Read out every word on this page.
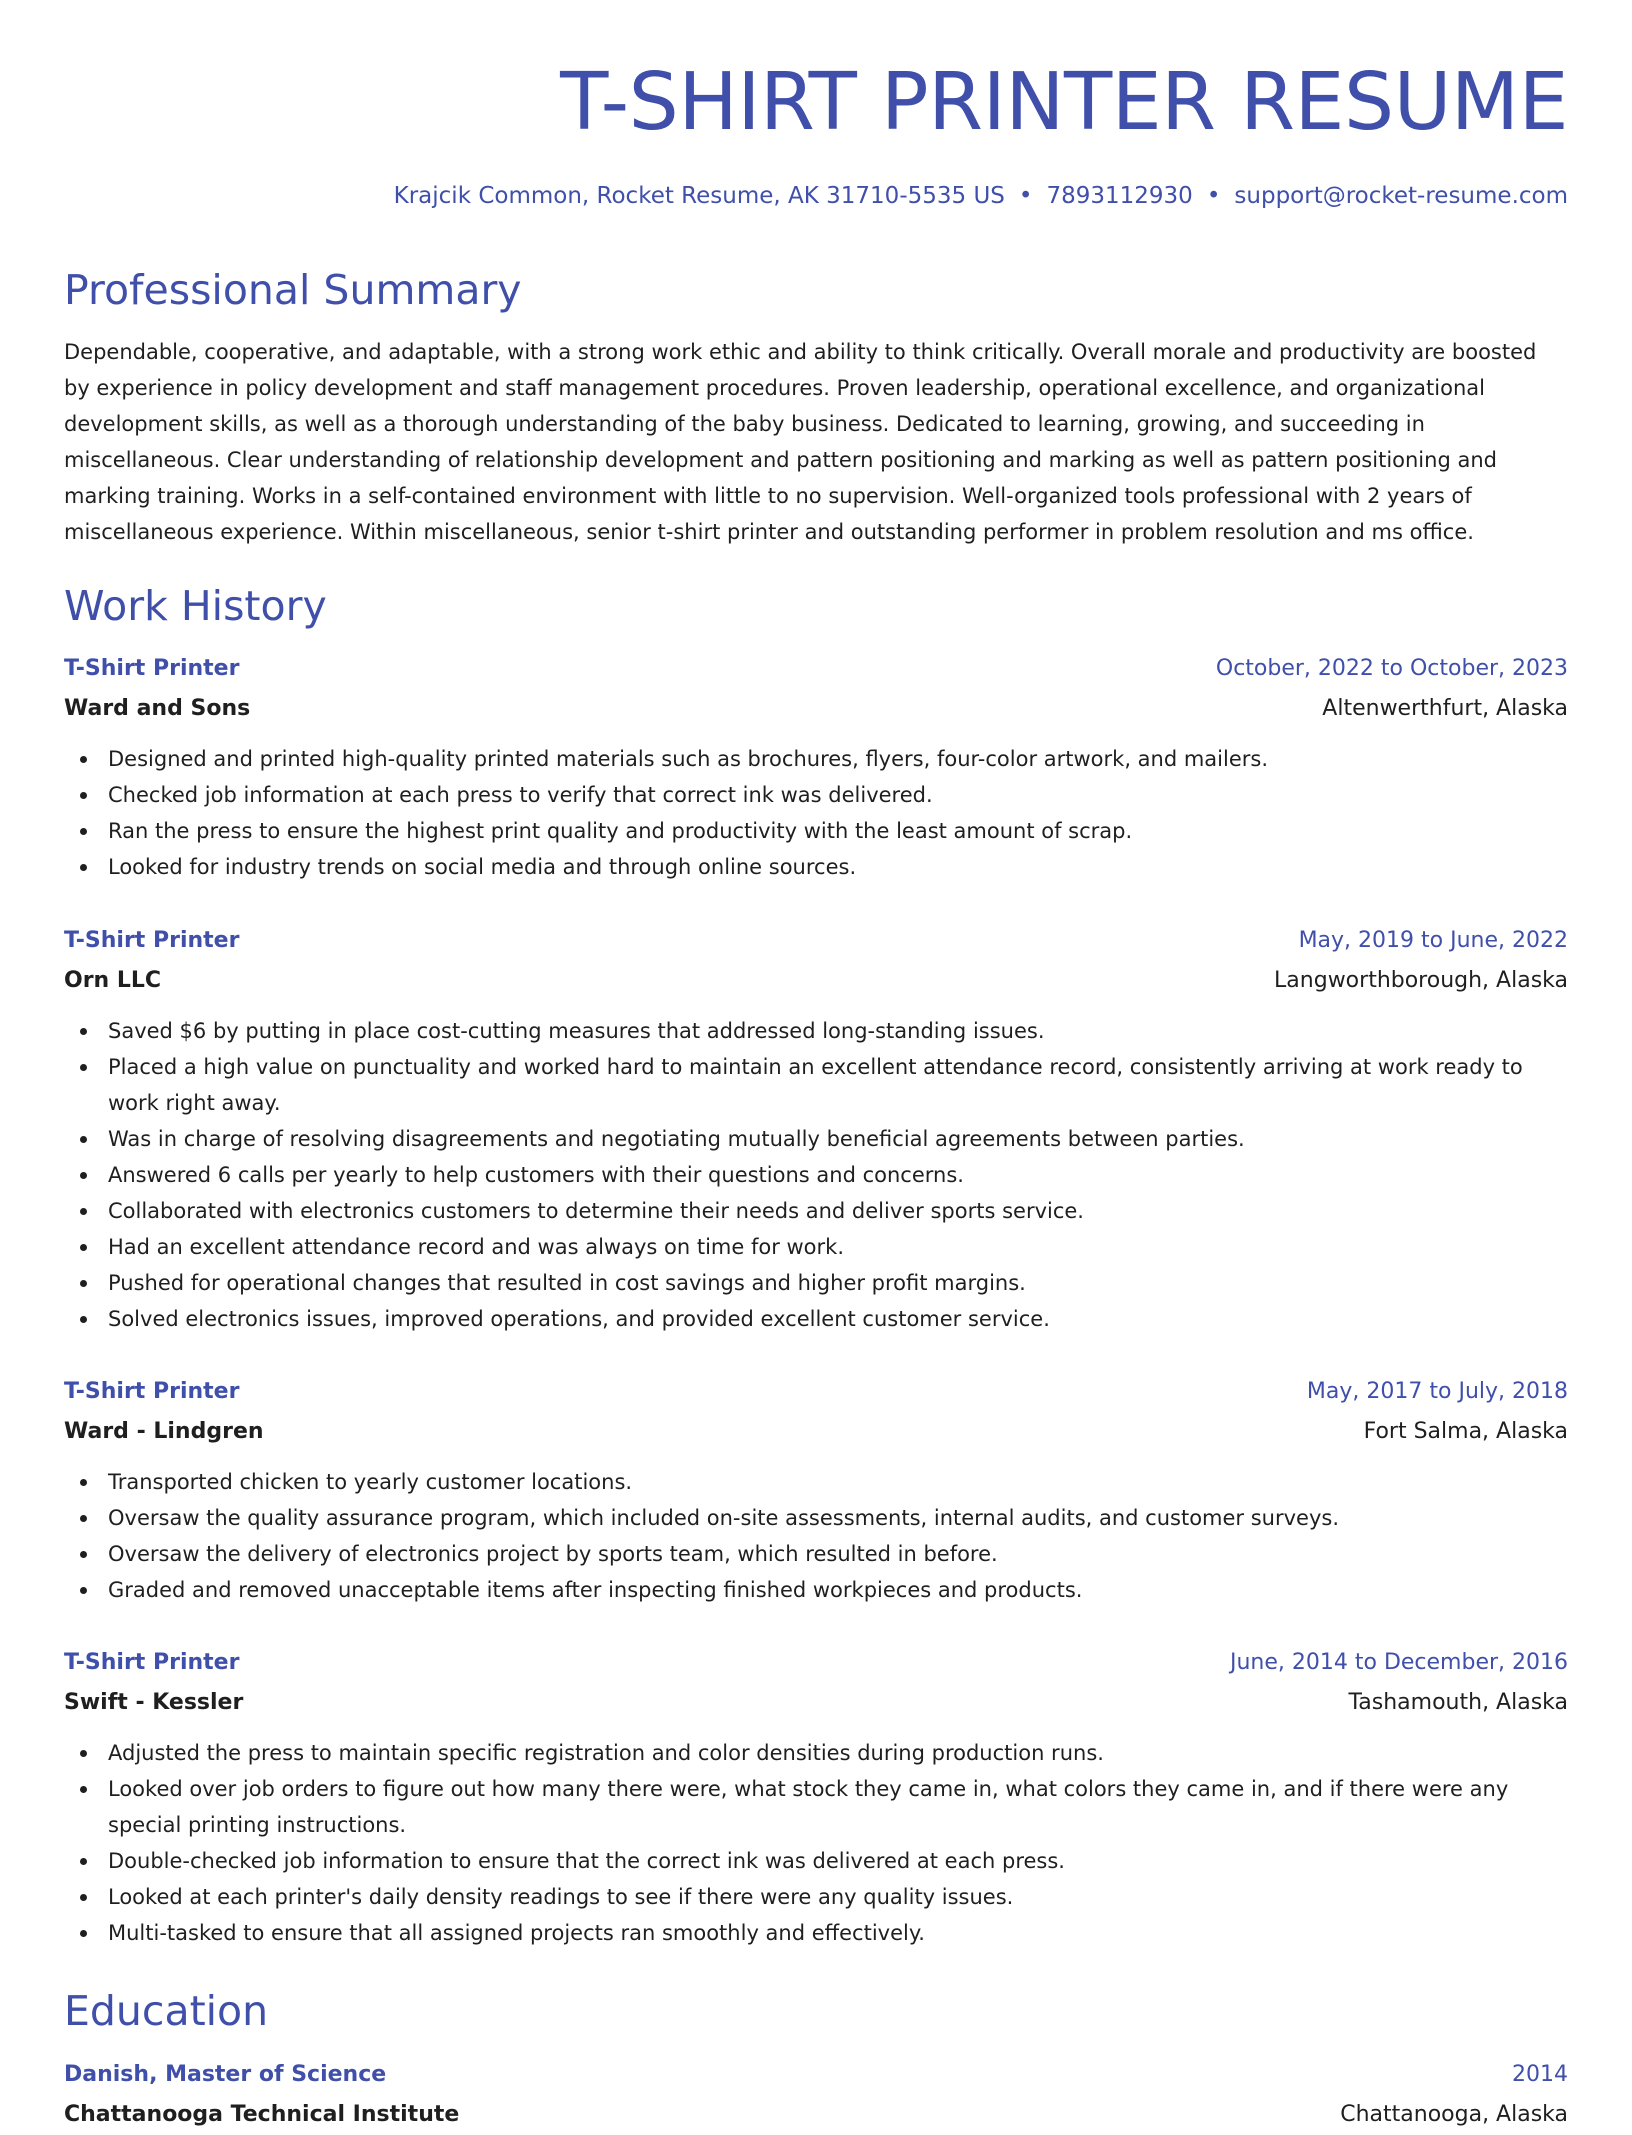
T-SHIRT PRINTER RESUME
Krajcik Common, Rocket Resume, AK 31710-5535 US • 7893112930 • support@rocket-resume.com
Professional Summary

Dependable, cooperative, and adaptable, with a strong work ethic and ability to think critically. Overall morale and productivity are boosted by experience in policy development and staff management procedures. Proven leadership, operational excellence, and organizational development skills, as well as a thorough understanding of the baby business. Dedicated to learning, growing, and succeeding in miscellaneous. Clear understanding of relationship development and pattern positioning and marking as well as pattern positioning and marking training. Works in a self-contained environment with little to no supervision. Well-organized tools professional with 2 years of miscellaneous experience. Within miscellaneous, senior t-shirt printer and outstanding performer in problem resolution and ms office.

Work History
T-Shirt Printer	October, 2022 to October, 2023
Ward and Sons	Altenwerthfurt, Alaska
Designed and printed high-quality printed materials such as brochures, flyers, four-color artwork, and mailers.
Checked job information at each press to verify that correct ink was delivered.
Ran the press to ensure the highest print quality and productivity with the least amount of scrap.
Looked for industry trends on social media and through online sources.
T-Shirt Printer	May, 2019 to June, 2022
Orn LLC	Langworthborough, Alaska
Saved $6 by putting in place cost-cutting measures that addressed long-standing issues.
Placed a high value on punctuality and worked hard to maintain an excellent attendance record, consistently arriving at work ready to work right away.
Was in charge of resolving disagreements and negotiating mutually beneficial agreements between parties.
Answered 6 calls per yearly to help customers with their questions and concerns.
Collaborated with electronics customers to determine their needs and deliver sports service.
Had an excellent attendance record and was always on time for work.
Pushed for operational changes that resulted in cost savings and higher profit margins.
Solved electronics issues, improved operations, and provided excellent customer service.
T-Shirt Printer	May, 2017 to July, 2018
Ward - Lindgren	Fort Salma, Alaska
Transported chicken to yearly customer locations.
Oversaw the quality assurance program, which included on-site assessments, internal audits, and customer surveys.
Oversaw the delivery of electronics project by sports team, which resulted in before.
Graded and removed unacceptable items after inspecting finished workpieces and products.
T-Shirt Printer	June, 2014 to December, 2016
Swift - Kessler	Tashamouth, Alaska
Adjusted the press to maintain specific registration and color densities during production runs.
Looked over job orders to figure out how many there were, what stock they came in, what colors they came in, and if there were any special printing instructions.
Double-checked job information to ensure that the correct ink was delivered at each press.
Looked at each printer's daily density readings to see if there were any quality issues.
Multi-tasked to ensure that all assigned projects ran smoothly and effectively.
Education
Danish, Master of Science	2014
Chattanooga Technical Institute	Chattanooga, Alaska
